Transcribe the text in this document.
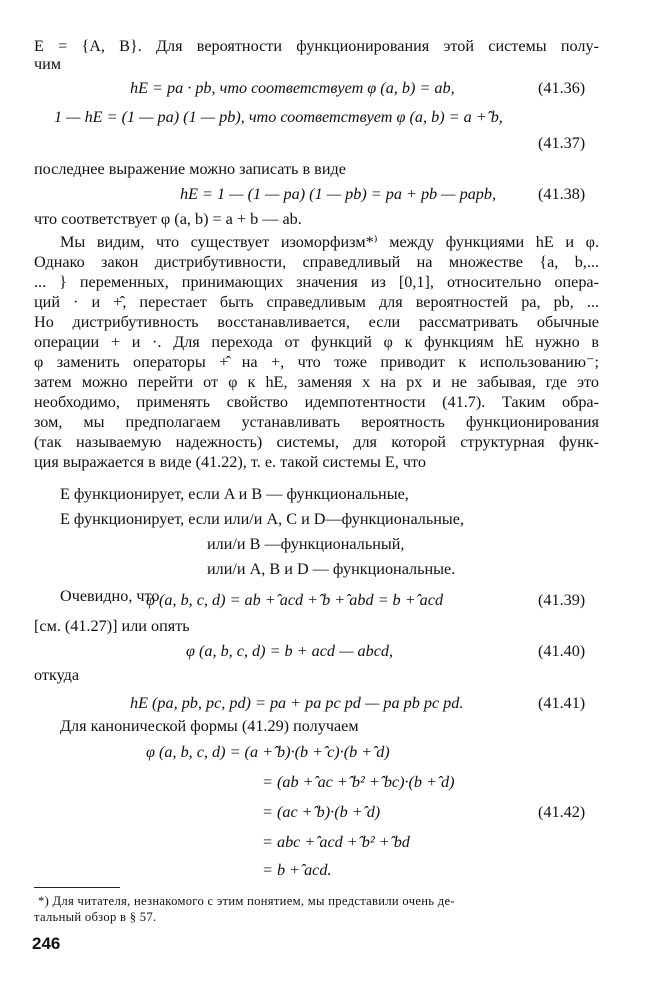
E = {A, B}. Для вероятности функционирования этой системы полу-
чим
hE = pa · pb, что соответствует φ (a, b) = ab,	(41.36)
1 — hE = (1 — pa) (1 — pb), что соответствует φ (a, b) = a +̂ b,
(41.37)
последнее выражение можно записать в виде
hE = 1 — (1 — pa) (1 — pb) = pa + pb — papb,	(41.38)
что соответствует φ (a, b) = a + b — ab.
Мы видим, что существует изоморфизм*⁾ между функциями hE и φ.
Однако закон дистрибутивности, справедливый на множестве {a, b,...
... } переменных, принимающих значения из [0,1], относительно опера-
ций · и +̂, перестает быть справедливым для вероятностей pa, pb, ...
Но дистрибутивность восстанавливается, если рассматривать обычные
операции + и ·. Для перехода от функций φ к функциям hE нужно в
φ заменить операторы +̂ на +, что тоже приводит к использованию⁻;
затем можно перейти от φ к hE, заменяя x на px и не забывая, где это
необходимо, применять свойство идемпотентности (41.7). Таким обра-
зом, мы предполагаем устанавливать вероятность функционирования
(так называемую надежность) системы, для которой структурная функ-
ция выражается в виде (41.22), т. е. такой системы E, что
E функционирует, если A и B — функциональные,
E функционирует, если или/и A, C и D—функциональные,
или/и B —функциональный,
или/и A, B и D — функциональные.
Очевидно, что
φ (a, b, c, d) = ab +̂ acd +̂ b +̂ abd = b +̂ acd	(41.39)
[см. (41.27)] или опять
φ (a, b, c, d) = b + acd — abcd,	(41.40)
откуда
hE (pa, pb, pc, pd) = pa + pa pc pd — pa pb pc pd.	(41.41)
Для канонической формы (41.29) получаем
φ (a, b, c, d) = (a +̂ b)·(b +̂ c)·(b +̂ d)
= (ab +̂ ac +̂ b² +̂ bc)·(b +̂ d)
= (ac +̂ b)·(b +̂ d)
= abc +̂ acd +̂ b² +̂ bd
= b +̂ acd.
(41.42)
*) Для читателя, незнакомого с этим понятием, мы представили очень де-
тальный обзор в § 57.
246
